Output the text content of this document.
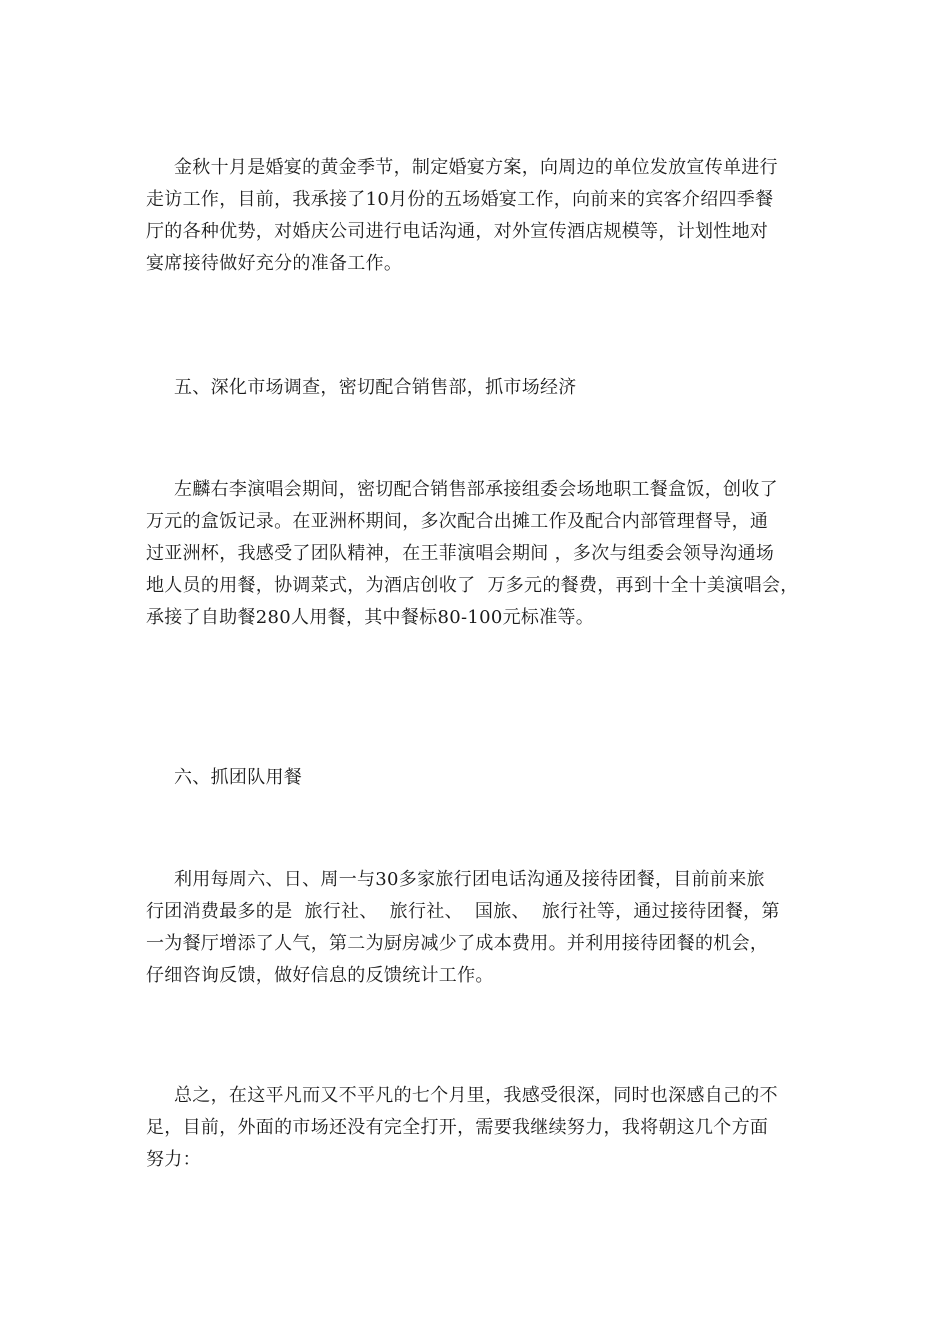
金秋十月是婚宴的黄金季节，制定婚宴方案，向周边的单位发放宣传单进行
走访工作，目前，我承接了10月份的五场婚宴工作，向前来的宾客介绍四季餐
厅的各种优势，对婚庆公司进行电话沟通，对外宣传酒店规模等，计划性地对
宴席接待做好充分的准备工作。
五、深化市场调查，密切配合销售部，抓市场经济
左麟右李演唱会期间，密切配合销售部承接组委会场地职工餐盒饭，创收了
万元的盒饭记录。在亚洲杯期间，多次配合出摊工作及配合内部管理督导，通
过亚洲杯，我感受了团队精神，在王菲演唱会期间 ，多次与组委会领导沟通场
地人员的用餐，协调菜式，为酒店创收了  万多元的餐费，再到十全十美演唱会，
承接了自助餐280人用餐，其中餐标80-100元标准等。
六、抓团队用餐
利用每周六、日、周一与30多家旅行团电话沟通及接待团餐，目前前来旅
行团消费最多的是  旅行社、  旅行社、  国旅、  旅行社等，通过接待团餐，第
一为餐厅增添了人气，第二为厨房减少了成本费用。并利用接待团餐的机会，
仔细咨询反馈，做好信息的反馈统计工作。
总之，在这平凡而又不平凡的七个月里，我感受很深，同时也深感自己的不
足，目前，外面的市场还没有完全打开，需要我继续努力，我将朝这几个方面
努力：
